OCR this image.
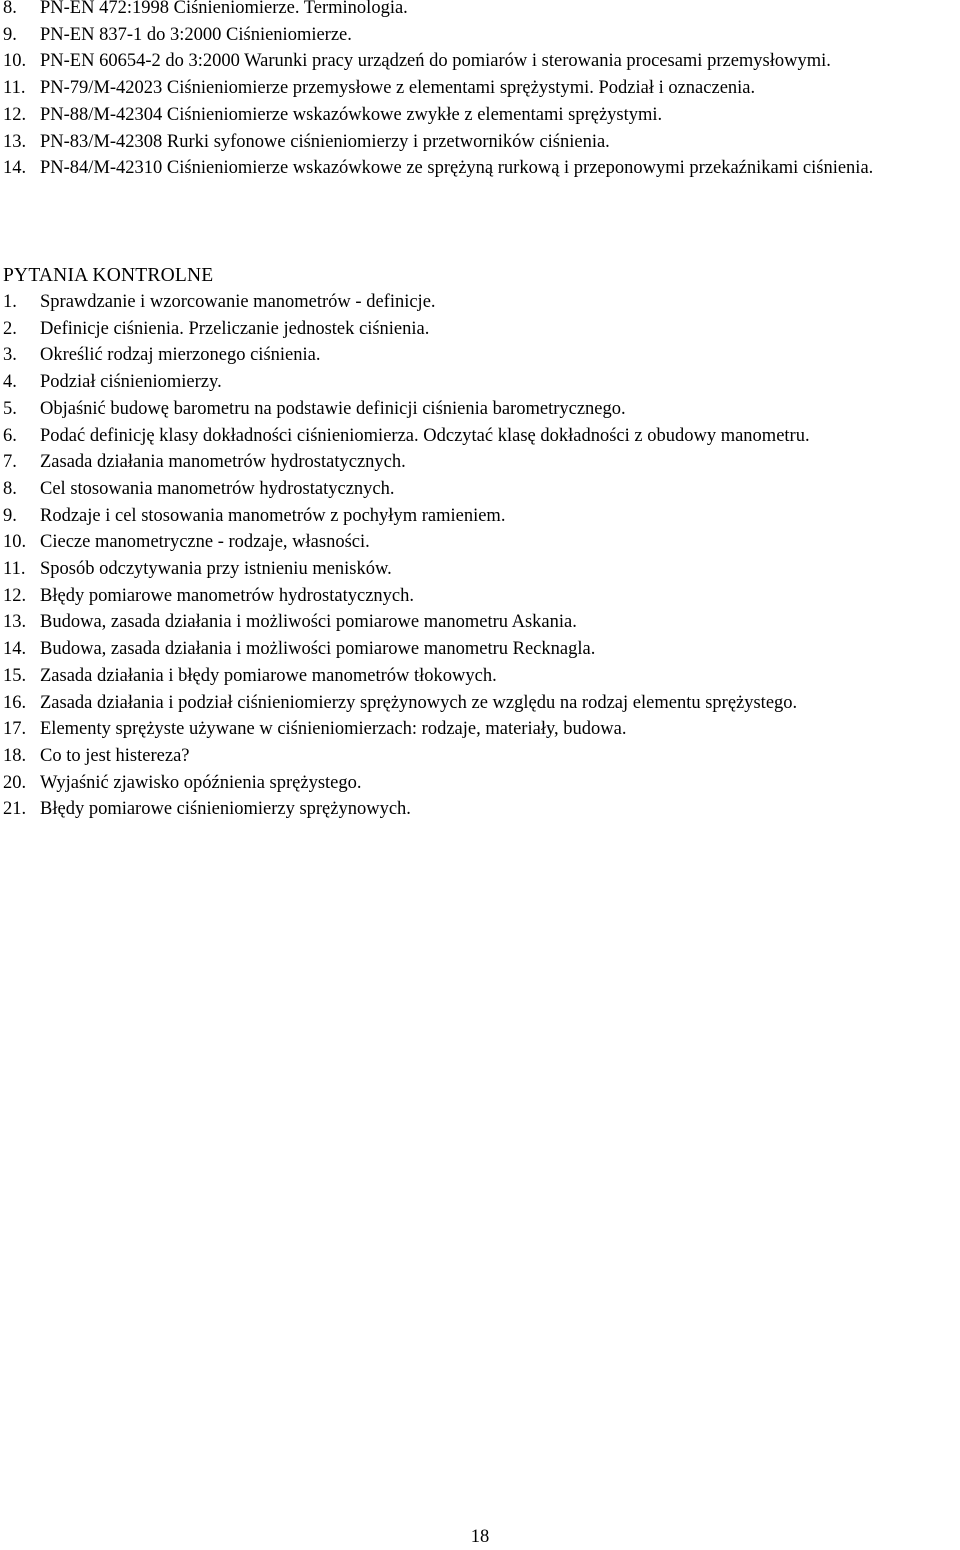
8. PN-EN 472:1998 Ciśnieniomierze. Terminologia.
9. PN-EN 837-1 do 3:2000 Ciśnieniomierze.
10. PN-EN 60654-2 do 3:2000 Warunki pracy urządzeń do pomiarów i sterowania procesami przemysłowymi.
11. PN-79/M-42023 Ciśnieniomierze przemysłowe z elementami sprężystymi. Podział i oznaczenia.
12. PN-88/M-42304 Ciśnieniomierze wskazówkowe zwykłe z elementami sprężystymi.
13. PN-83/M-42308 Rurki syfonowe ciśnieniomierzy i przetworników ciśnienia.
14. PN-84/M-42310 Ciśnieniomierze wskazówkowe ze sprężyną rurkową i przeponowymi przekaźnikami ciśnienia.
PYTANIA KONTROLNE
1. Sprawdzanie i wzorcowanie manometrów - definicje.
2. Definicje ciśnienia. Przeliczanie jednostek ciśnienia.
3. Określić rodzaj mierzonego ciśnienia.
4. Podział ciśnieniomierzy.
5. Objaśnić budowę barometru na podstawie definicji ciśnienia barometrycznego.
6. Podać definicję klasy dokładności ciśnieniomierza. Odczytać klasę dokładności z obudowy manometru.
7. Zasada działania manometrów hydrostatycznych.
8. Cel stosowania manometrów hydrostatycznych.
9. Rodzaje i cel stosowania manometrów z pochyłym ramieniem.
10. Ciecze manometryczne - rodzaje, własności.
11. Sposób odczytywania przy istnieniu menisków.
12. Błędy pomiarowe manometrów hydrostatycznych.
13. Budowa, zasada działania i możliwości pomiarowe manometru Askania.
14. Budowa, zasada działania i możliwości pomiarowe manometru Recknagla.
15. Zasada działania i błędy pomiarowe manometrów tłokowych.
16. Zasada działania i podział ciśnieniomierzy sprężynowych ze względu na rodzaj elementu sprężystego.
17. Elementy sprężyste używane w ciśnieniomierzach: rodzaje, materiały, budowa.
18. Co to jest histereza?
20. Wyjaśnić zjawisko opóźnienia sprężystego.
21. Błędy pomiarowe ciśnieniomierzy sprężynowych.
18
